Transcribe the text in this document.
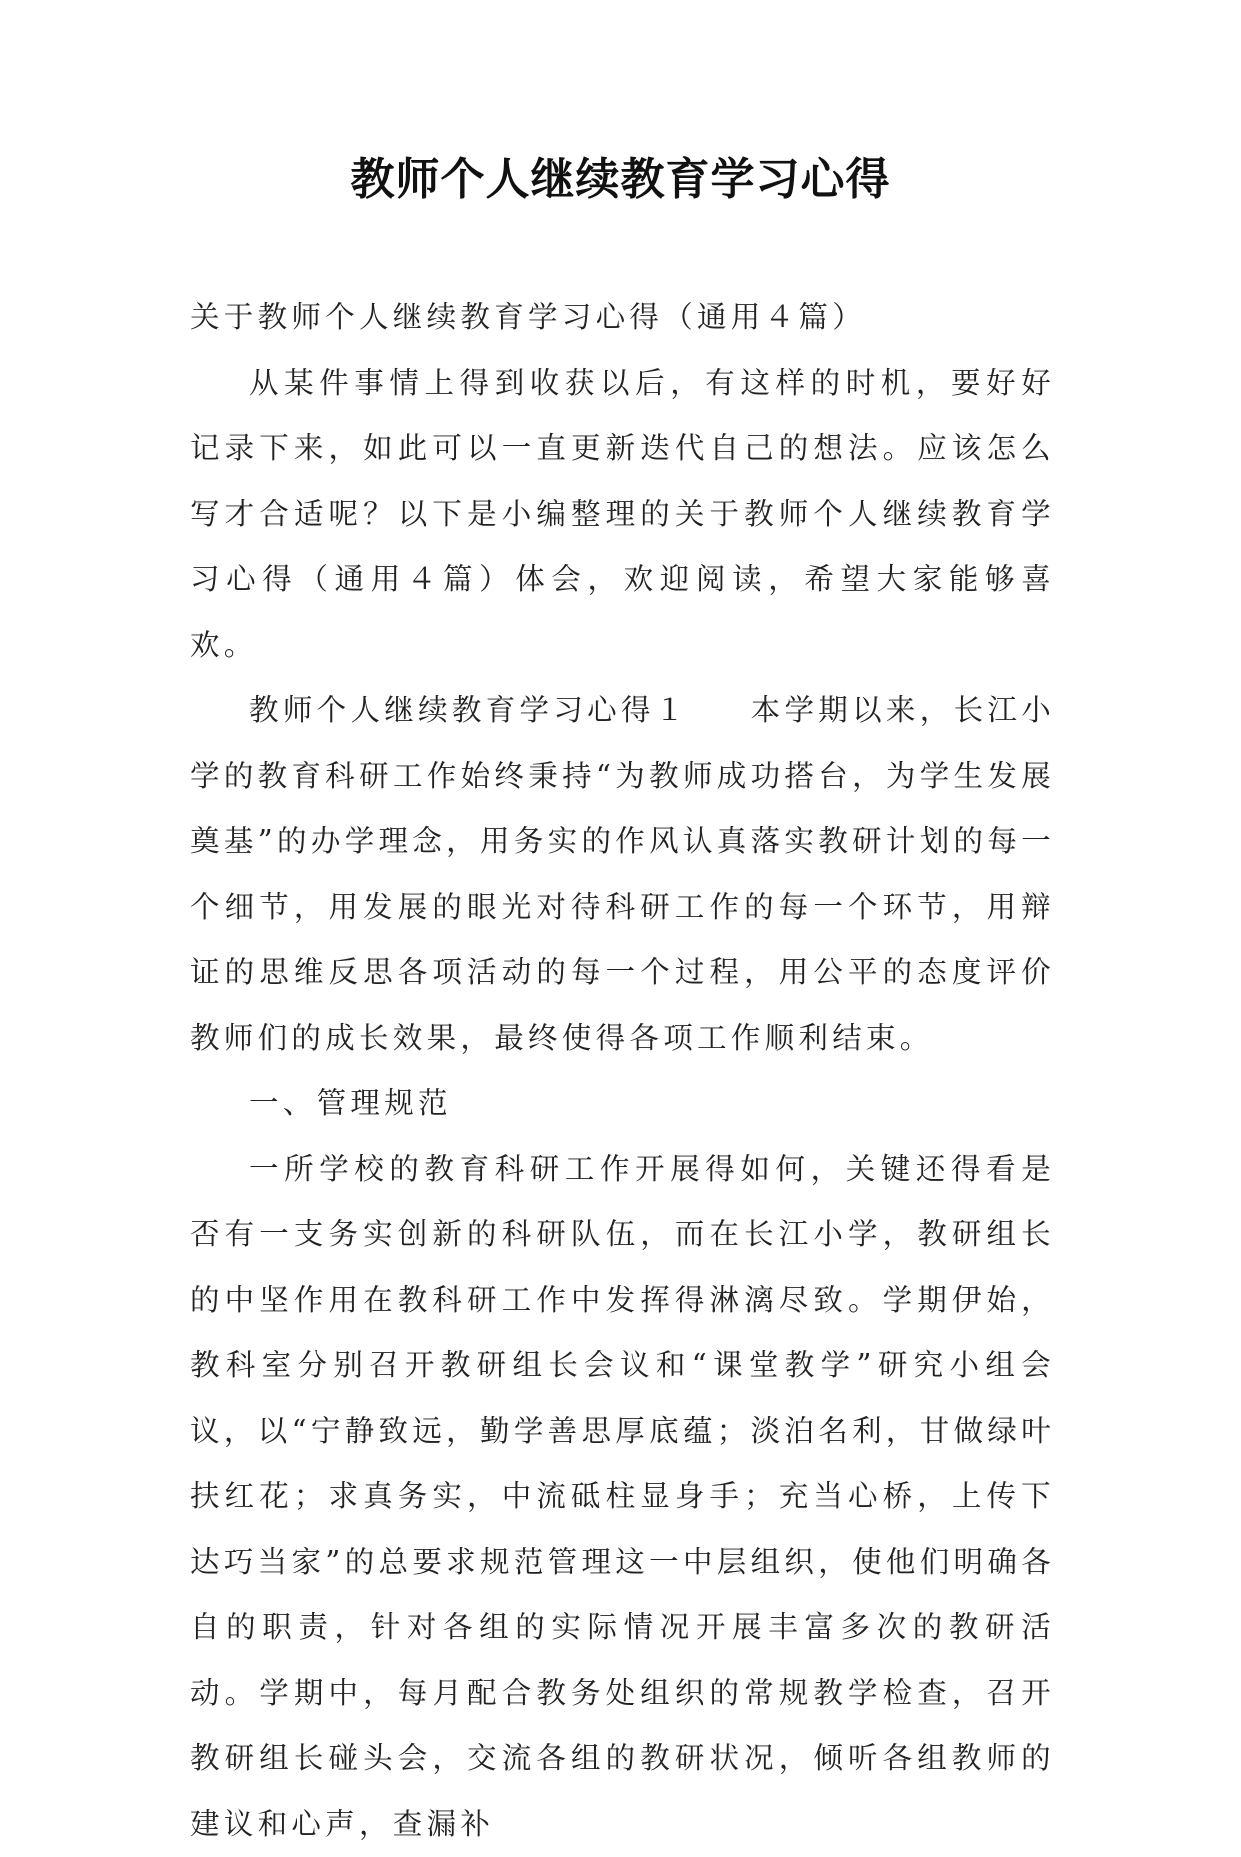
教师个人继续教育学习心得

关于教师个人继续教育学习心得（通用４篇）

从某件事情上得到收获以后，有这样的时机，要好好记录下来，如此可以一直更新迭代自己的想法。应该怎么写才合适呢？以下是小编整理的关于教师个人继续教育学习心得（通用４篇）体会，欢迎阅读，希望大家能够喜欢。

教师个人继续教育学习心得１ 本学期以来，长江小学的教育科研工作始终秉持“为教师成功搭台，为学生发展奠基”的办学理念，用务实的作风认真落实教研计划的每一个细节，用发展的眼光对待科研工作的每一个环节，用辩证的思维反思各项活动的每一个过程，用公平的态度评价教师们的成长效果，最终使得各项工作顺利结束。

一、管理规范

一所学校的教育科研工作开展得如何，关键还得看是否有一支务实创新的科研队伍，而在长江小学，教研组长的中坚作用在教科研工作中发挥得淋漓尽致。学期伊始，教科室分别召开教研组长会议和“课堂教学”研究小组会议，以“宁静致远，勤学善思厚底蕴；淡泊名利，甘做绿叶扶红花；求真务实，中流砥柱显身手；充当心桥，上传下达巧当家”的总要求规范管理这一中层组织，使他们明确各自的职责，针对各组的实际情况开展丰富多次的教研活动。学期中，每月配合教务处组织的常规教学检查，召开教研组长碰头会，交流各组的教研状况，倾听各组教师的建议和心声，查漏补
